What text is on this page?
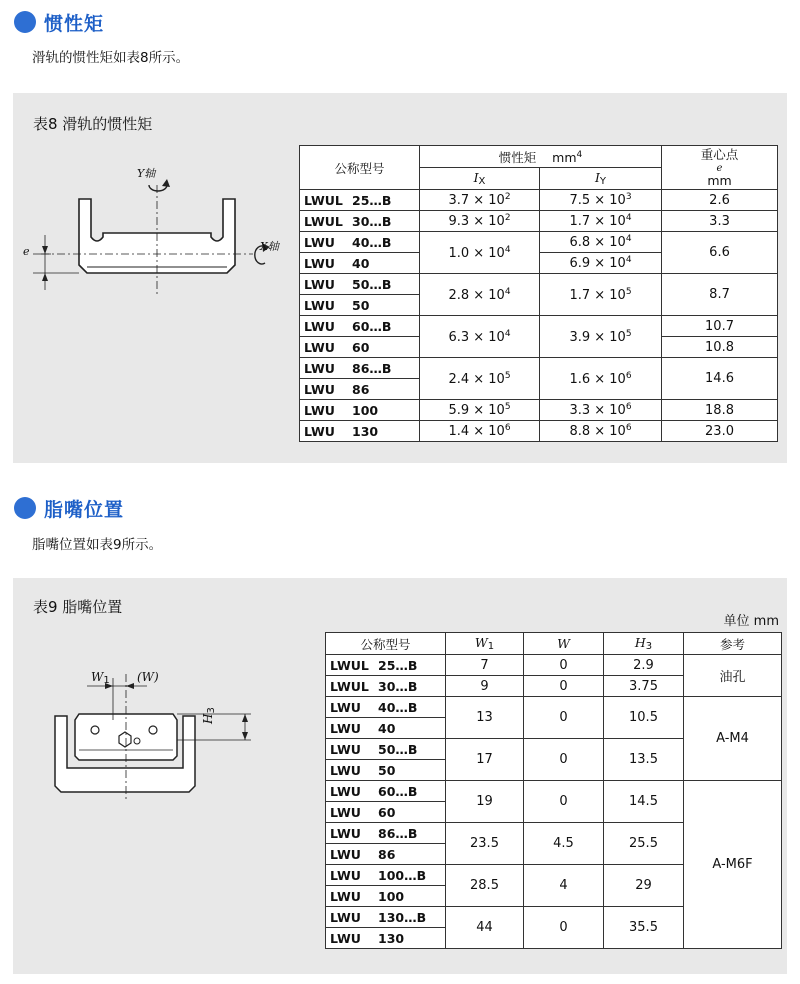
惯性矩
滑轨的惯性矩如表8所示。
表8 滑轨的惯性矩
Y轴
X轴
e
公称型号	惯性矩 $mm^4$		重心点
e
mm
	$I_X$	$I_Y$
LWUL 25…B	$3.7 \times 10^2$	$7.5 \times 10^3$	2.6
LWUL 30…B	$9.3 \times 10^2$	$1.7 \times 10^4$	3.3
LWU 40…B	$1.0 \times 10^4$	$6.8 \times 10^4$	6.6
LWU 40		$6.9 \times 10^4$
LWU 50…B	$2.8 \times 10^4$	$1.7 \times 10^5$	8.7
LWU 50			
LWU 60…B	$6.3 \times 10^4$	$3.9 \times 10^5$	10.7
LWU 60			10.8
LWU 86…B	$2.4 \times 10^5$	$1.6 \times 10^6$	14.6
LWU 86			
LWU 100	$5.9 \times 10^5$	$3.3 \times 10^6$	18.8
LWU 130	$1.4 \times 10^6$	$8.8 \times 10^6$	23.0
脂嘴位置
脂嘴位置如表9所示。
表9 脂嘴位置
单位 mm
$W_1$ (W)
$H_3$
公称型号	$W_1$	W	$H_3$	参考
LWUL 25…B	7	0	2.9	油孔
LWUL 30…B	9	0	3.75	
LWU 40…B	13	0	10.5	A-M4
LWU 40				
LWU 50…B	17	0	13.5	
LWU 50				
LWU 60…B	19	0	14.5	A-M6F
LWU 60				
LWU 86…B	23.5	4.5	25.5	
LWU 86				
LWU 100…B	28.5	4	29	
LWU 100				
LWU 130…B	44	0	35.5	
LWU 130				
